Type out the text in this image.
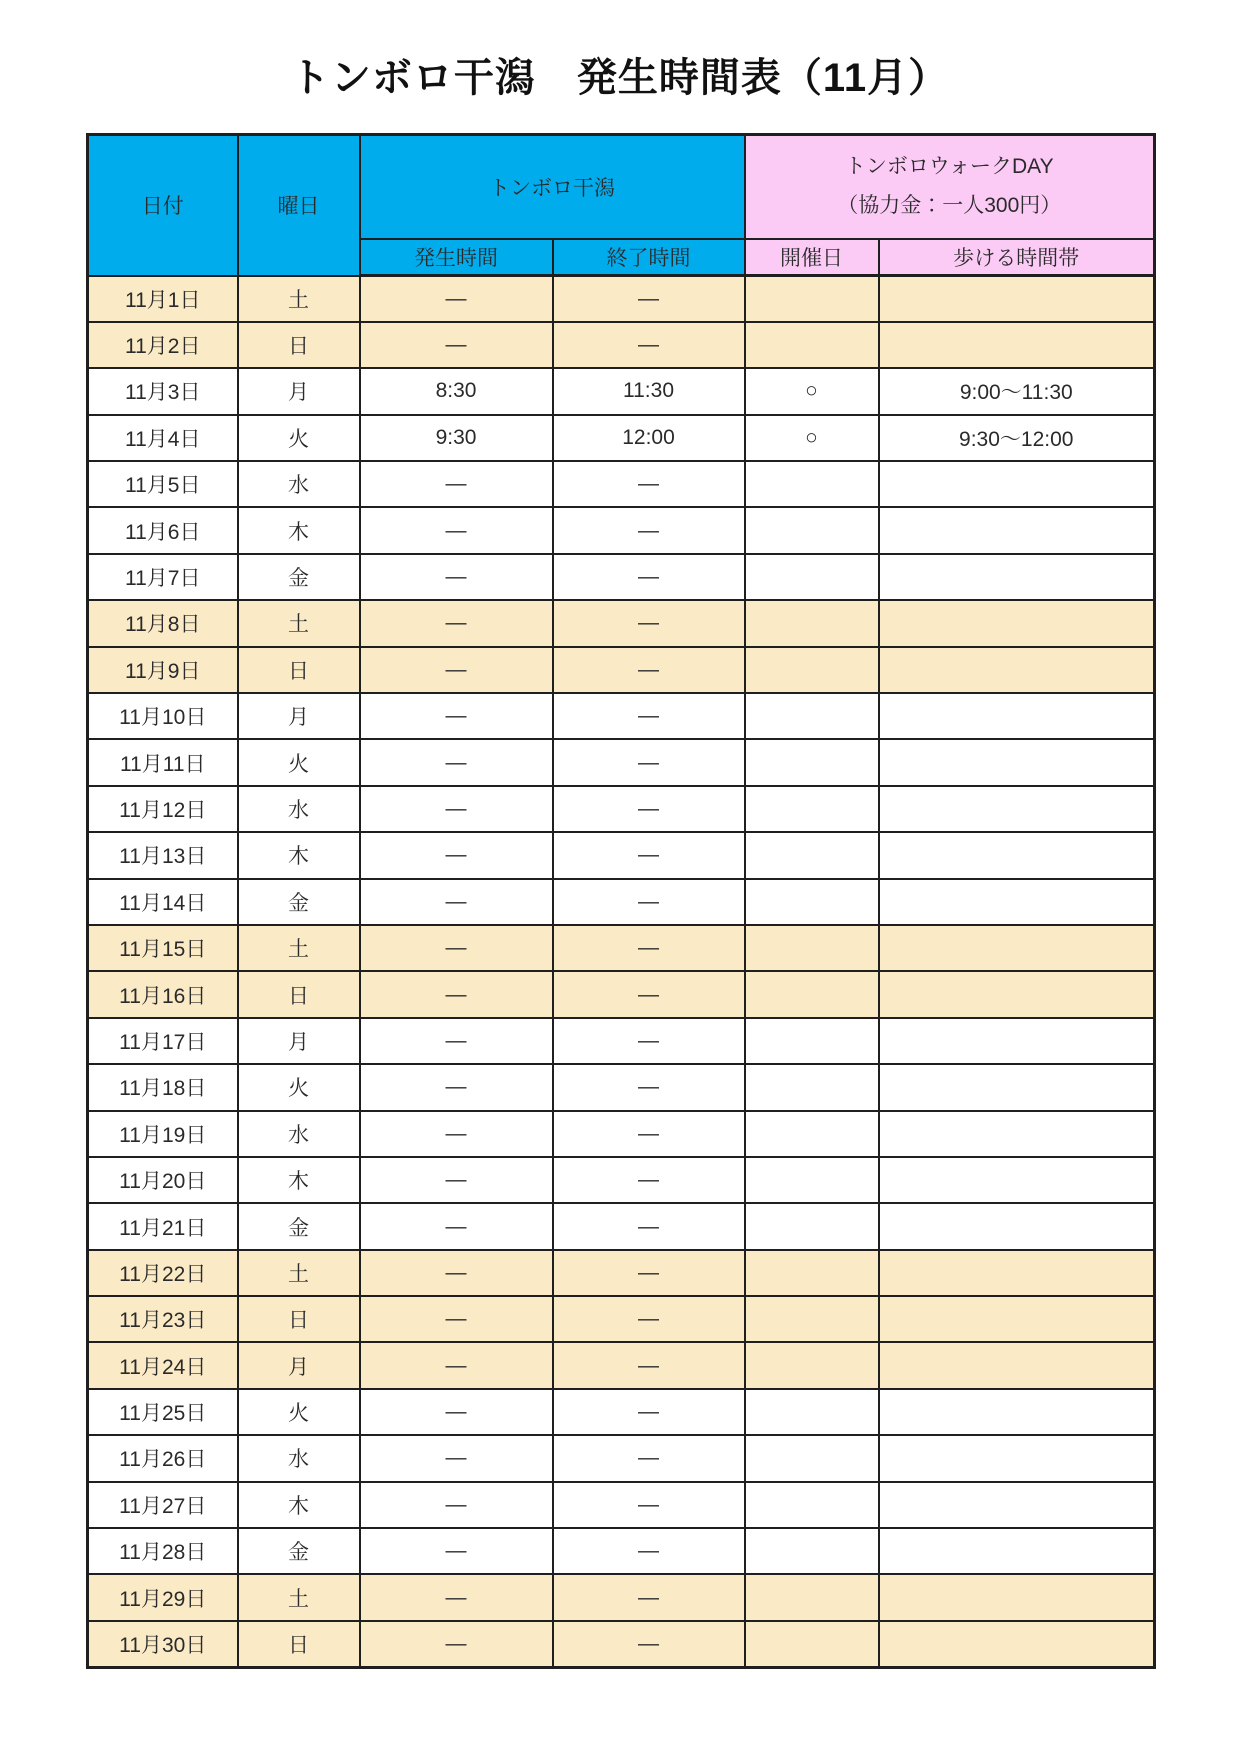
トンボロ干潟　発生時間表（11月）
日付	曜日	トンボロ干潟		トンボロウォークDAY
（協力金：一人300円）	
		発生時間	終了時間	開催日	歩ける時間帯
11月1日	土	―	―		
11月2日	日	―	―		
11月3日	月	8:30	11:30	○	9:00〜11:30
11月4日	火	9:30	12:00	○	9:30〜12:00
11月5日	水	―	―		
11月6日	木	―	―		
11月7日	金	―	―		
11月8日	土	―	―		
11月9日	日	―	―		
11月10日	月	―	―		
11月11日	火	―	―		
11月12日	水	―	―		
11月13日	木	―	―		
11月14日	金	―	―		
11月15日	土	―	―		
11月16日	日	―	―		
11月17日	月	―	―		
11月18日	火	―	―		
11月19日	水	―	―		
11月20日	木	―	―		
11月21日	金	―	―		
11月22日	土	―	―		
11月23日	日	―	―		
11月24日	月	―	―		
11月25日	火	―	―		
11月26日	水	―	―		
11月27日	木	―	―		
11月28日	金	―	―		
11月29日	土	―	―		
11月30日	日	―	―		
